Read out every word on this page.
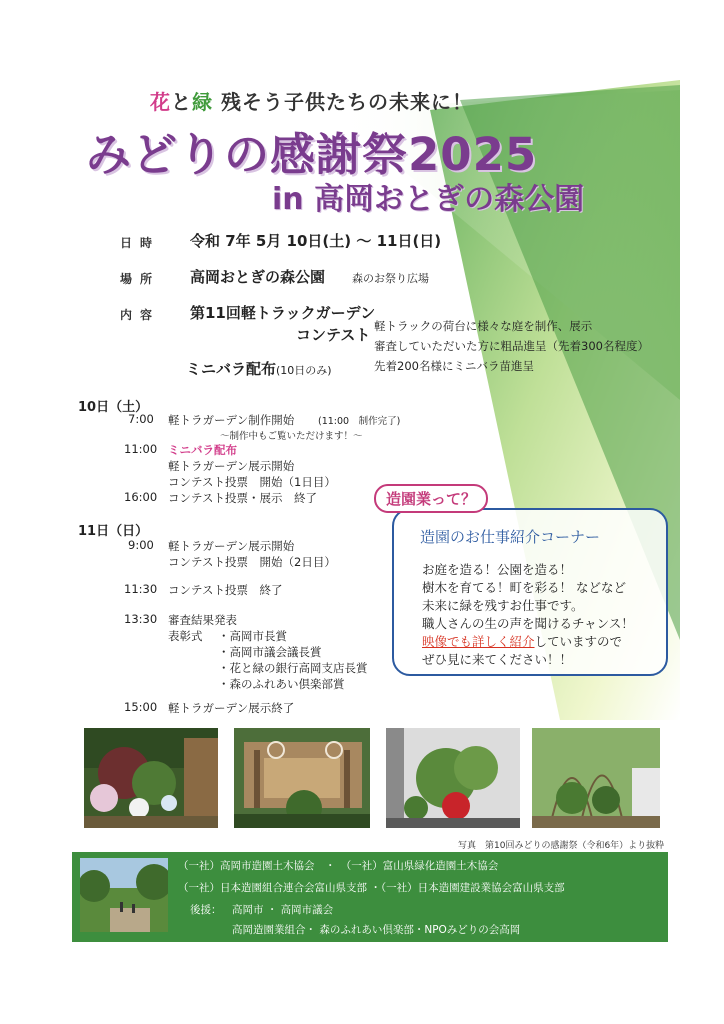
花と緑 残そう子供たちの未来に！
みどりの感謝祭2025
in 高岡おとぎの森公園
日時 令和 7年 5月 10日(土) ～ 11日(日)
場所 高岡おとぎの森公園 森のお祭り広場
内容 第11回軽トラックガーデン
コンテスト 軽トラックの荷台に様々な庭を制作、展示
審査していただいた方に粗品進呈（先着300名程度）
先着200名様にミニバラ苗進呈
ミニバラ配布(10日のみ)
10日（土）
7:00 軽トラガーデン制作開始 (11:00　制作完了)
～制作中もご覧いただけます！～
11:00 ミニバラ配布
軽トラガーデン展示開始
コンテスト投票　開始（1日目）
16:00 コンテスト投票・展示　終了
11日（日）
9:00 軽トラガーデン展示開始
コンテスト投票　開始（2日目）
11:30 コンテスト投票　終了
13:30 審査結果発表
表彰式 ・高岡市長賞
・高岡市議会議長賞
・花と緑の銀行高岡支店長賞
・森のふれあい倶楽部賞
15:00 軽トラガーデン展示終了
造園のお仕事紹介コーナー
お庭を造る！公園を造る！
樹木を育てる！町を彩る！ などなど
未来に緑を残すお仕事です。
職人さんの生の声を聞けるチャンス！
映像でも詳しく紹介していますので
ぜひ見に来てください！！
造園業って？
写真　第10回みどりの感謝祭（令和6年）より抜粋
（一社）高岡市造園土木協会　・　（一社）富山県緑化造園土木協会
（一社）日本造園組合連合会富山県支部 ・（一社）日本造園建設業協会富山県支部
後援： 高岡市 ・ 高岡市議会
高岡造園業組合・ 森のふれあい倶楽部・NPOみどりの会高岡
